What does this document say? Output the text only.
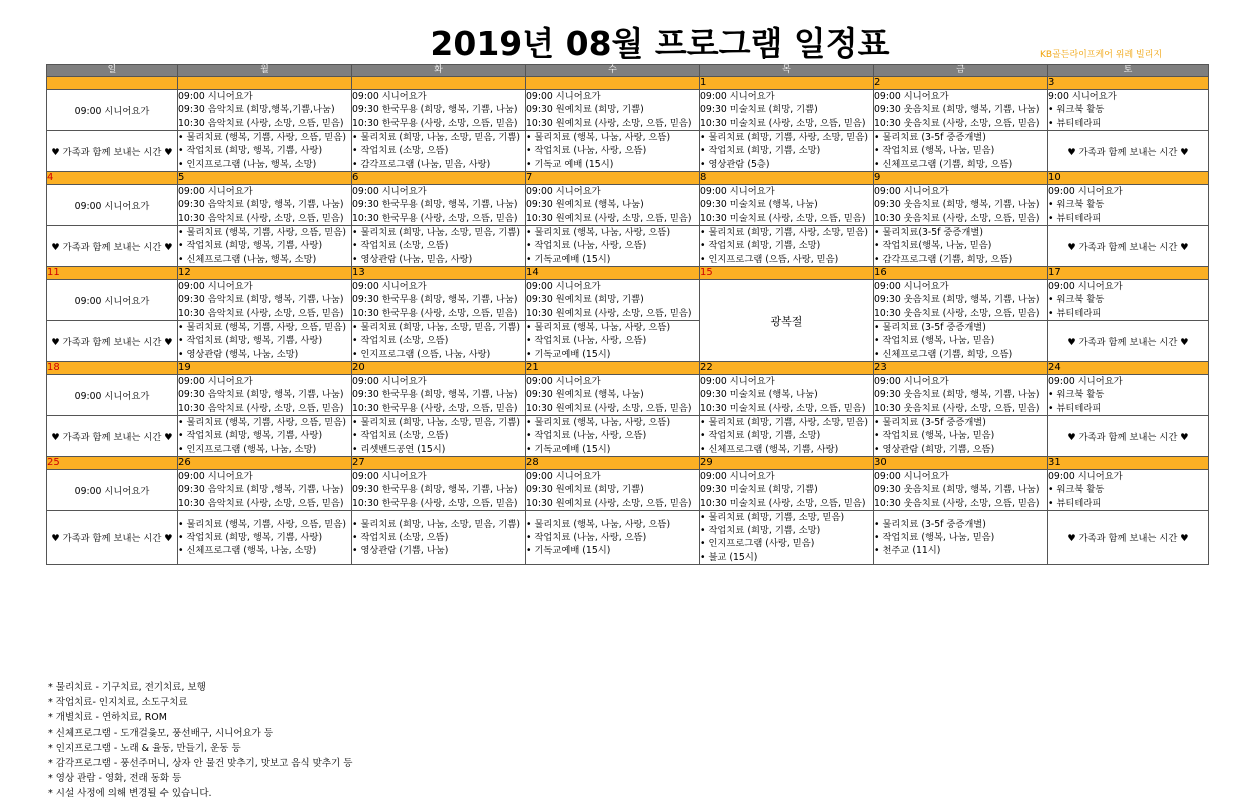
2019년 08월 프로그램 일정표	KB골든라이프케어 위례 빌리지
일	월	화	수	목	금	토
				1	2	3
09:00 시니어요가	09:00 시니어요가
09:30 음악치료 (희망,행복,기쁨,나눔)
10:30 음악치료 (사랑, 소망, 으뜸, 믿음)	09:00 시니어요가
09:30 한국무용 (희망, 행복, 기쁨, 나눔)
10:30 한국무용 (사랑, 소망, 으뜸, 믿음)	09:00 시니어요가
09:30 원예치료 (희망, 기쁨)
10:30 원예치료 (사랑, 소망, 으뜸, 믿음)	09:00 시니어요가
09:30 미술치료 (희망, 기쁨)
10:30 미술치료 (사랑, 소망, 으뜸, 믿음)	09:00 시니어요가
09:30 웃음치료 (희망, 행복, 기쁨, 나눔)
10:30 웃음치료 (사랑, 소망, 으뜸, 믿음)	9:00 시니어요가
• 워크북 활동
• 뷰티테라피

♥ 가족과 함께 보내는 시간 ♥	• 물리치료 (행복, 기쁨, 사랑, 으뜸, 믿음)
• 작업치료 (희망, 행복, 기쁨, 사랑)
• 인지프로그램 (나눔, 행복, 소망)	• 물리치료 (희망, 나눔, 소망, 믿음, 기쁨)
• 작업치료 (소망, 으뜸)
• 감각프로그램 (나눔, 믿음, 사랑)	• 물리치료 (행복, 나눔, 사랑, 으뜸)
• 작업치료 (나눔, 사랑, 으뜸)
• 기독교 예배 (15시)	• 물리치료 (희망, 기쁨, 사랑, 소망, 믿음)
• 작업치료 (희망, 기쁨, 소망)
• 영상관람 (5층)	• 물리치료 (3-5f 중증개별)
• 작업치료 (행복, 나눔, 믿음)
• 신체프로그램 (기쁨, 희망, 으뜸)	♥ 가족과 함께 보내는 시간 ♥
4	5	6	7	8	9	10
09:00 시니어요가	09:00 시니어요가
09:30 음악치료 (희망, 행복, 기쁨, 나눔)
10:30 음악치료 (사랑, 소망, 으뜸, 믿음)	09:00 시니어요가
09:30 한국무용 (희망, 행복, 기쁨, 나눔)
10:30 한국무용 (사랑, 소망, 으뜸, 믿음)	09:00 시니어요가
09:30 원예치료 (행복, 나눔)
10:30 원예치료 (사랑, 소망, 으뜸, 믿음)	09:00 시니어요가
09:30 미술치료 (행복, 나눔)
10:30 미술치료 (사랑, 소망, 으뜸, 믿음)	09:00 시니어요가
09:30 웃음치료 (희망, 행복, 기쁨, 나눔)
10:30 웃음치료 (사랑, 소망, 으뜸, 믿음)	09:00 시니어요가
• 워크북 활동
• 뷰티테라피

♥ 가족과 함께 보내는 시간 ♥	• 물리치료 (행복, 기쁨, 사랑, 으뜸, 믿음)
• 작업치료 (희망, 행복, 기쁨, 사랑)
• 신체프로그램 (나눔, 행복, 소망)	• 물리치료 (희망, 나눔, 소망, 믿음, 기쁨)
• 작업치료 (소망, 으뜸)
• 영상관람 (나눔, 믿음, 사랑)	• 물리치료 (행복, 나눔, 사랑, 으뜸)
• 작업치료 (나눔, 사랑, 으뜸)
• 기독교예배 (15시)	• 물리치료 (희망, 기쁨, 사랑, 소망, 믿음)
• 작업치료 (희망, 기쁨, 소망)
• 인지프로그램 (으뜸, 사랑, 믿음)	• 물리치료(3-5f 중증개별)
• 작업치료(행복, 나눔, 믿음)
• 감각프로그램 (기쁨, 희망, 으뜸)	♥ 가족과 함께 보내는 시간 ♥
11	12	13	14	15	16	17
09:00 시니어요가	09:00 시니어요가
09:30 음악치료 (희망, 행복, 기쁨, 나눔)
10:30 음악치료 (사랑, 소망, 으뜸, 믿음)	09:00 시니어요가
09:30 한국무용 (희망, 행복, 기쁨, 나눔)
10:30 한국무용 (사랑, 소망, 으뜸, 믿음)	09:00 시니어요가
09:30 원예치료 (희망, 기쁨)
10:30 원예치료 (사랑, 소망, 으뜸, 믿음)	광복절	09:00 시니어요가
09:30 웃음치료 (희망, 행복, 기쁨, 나눔)
10:30 웃음치료 (사랑, 소망, 으뜸, 믿음)	09:00 시니어요가
• 워크북 활동
• 뷰티테라피

♥ 가족과 함께 보내는 시간 ♥	• 물리치료 (행복, 기쁨, 사랑, 으뜸, 믿음)
• 작업치료 (희망, 행복, 기쁨, 사랑)
• 영상관람 (행복, 나눔, 소망)	• 물리치료 (희망, 나눔, 소망, 믿음, 기쁨)
• 작업치료 (소망, 으뜸)
• 인지프로그램 (으뜸, 나눔, 사랑)	• 물리치료 (행복, 나눔, 사랑, 으뜸)
• 작업치료 (나눔, 사랑, 으뜸)
• 기독교예배 (15시)		• 물리치료 (3-5f 중증개별)
• 작업치료 (행복, 나눔, 믿음)
• 신체프로그램 (기쁨, 희망, 으뜸)	♥ 가족과 함께 보내는 시간 ♥
18	19	20	21	22	23	24
09:00 시니어요가	09:00 시니어요가
09:30 음악치료 (희망, 행복, 기쁨, 나눔)
10:30 음악치료 (사랑, 소망, 으뜸, 믿음)	09:00 시니어요가
09:30 한국무용 (희망, 행복, 기쁨, 나눔)
10:30 한국무용 (사랑, 소망, 으뜸, 믿음)	09:00 시니어요가
09:30 원예치료 (행복, 나눔)
10:30 원예치료 (사랑, 소망, 으뜸, 믿음)	09:00 시니어요가
09:30 미술치료 (행복, 나눔)
10:30 미술치료 (사랑, 소망, 으뜸, 믿음)	09:00 시니어요가
09:30 웃음치료 (희망, 행복, 기쁨, 나눔)
10:30 웃음치료 (사랑, 소망, 으뜸, 믿음)	09:00 시니어요가
• 워크북 활동
• 뷰티테라피

♥ 가족과 함께 보내는 시간 ♥	• 물리치료 (행복, 기쁨, 사랑, 으뜸, 믿음)
• 작업치료 (희망, 행복, 기쁨, 사랑)
• 인지프로그램 (행복, 나눔, 소망)	• 물리치료 (희망, 나눔, 소망, 믿음, 기쁨)
• 작업치료 (소망, 으뜸)
• 리셋밴드공연 (15시)	• 물리치료 (행복, 나눔, 사랑, 으뜸)
• 작업치료 (나눔, 사랑, 으뜸)
• 기독교예배 (15시)	• 물리치료 (희망, 기쁨, 사랑, 소망, 믿음)
• 작업치료 (희망, 기쁨, 소망)
• 신체프로그램 (행복, 기쁨, 사랑)	• 물리치료 (3-5f 중증개별)
• 작업치료 (행복, 나눔, 믿음)
• 영상관람 (희망, 기쁨, 으뜸)	♥ 가족과 함께 보내는 시간 ♥
25	26	27	28	29	30	31
09:00 시니어요가	09:00 시니어요가
09:30 음악치료 (희망 ,행복, 기쁨, 나눔)
10:30 음악치료 (사랑, 소망, 으뜸, 믿음)	09:00 시니어요가
09:30 한국무용 (희망, 행복, 기쁨, 나눔)
10:30 한국무용 (사랑, 소망, 으뜸, 믿음)	09:00 시니어요가
09:30 원예치료 (희망, 기쁨)
10:30 원예치료 (사랑, 소망, 으뜸, 믿음)	09:00 시니어요가
09:30 미술치료 (희망, 기쁨)
10:30 미술치료 (사랑, 소망, 으뜸, 믿음)	09:00 시니어요가
09:30 웃음치료 (희망, 행복, 기쁨, 나눔)
10:30 웃음치료 (사랑, 소망, 으뜸, 믿음)	09:00 시니어요가
• 워크북 활동
• 뷰티테라피

♥ 가족과 함께 보내는 시간 ♥	• 물리치료 (행복, 기쁨, 사랑, 으뜸, 믿음)
• 작업치료 (희망, 행복, 기쁨, 사랑)
• 신체프로그램 (행복, 나눔, 소망)	• 물리치료 (희망, 나눔, 소망, 믿음, 기쁨)
• 작업치료 (소망, 으뜸)
• 영상관람 (기쁨, 나눔)	• 물리치료 (행복, 나눔, 사랑, 으뜸)
• 작업치료 (나눔, 사랑, 으뜸)
• 기독교예배 (15시)	• 물리치료 (희망, 기쁨, 소망, 믿음)
• 작업치료 (희망, 기쁨, 소망)
• 인지프로그램 (사랑, 믿음)
• 불교 (15시)	• 물리치료 (3-5f 중증개별)
• 작업치료 (행복, 나눔, 믿음)
• 천주교 (11시)	♥ 가족과 함께 보내는 시간 ♥
* 물리치료 - 기구치료, 전기치료, 보행
* 작업치료- 인지치료, 소도구치료
* 개별치료 - 연하치료, ROM
* 신체프로그램 - 도개걸윷모, 풍선배구, 시니어요가 등
* 인지프로그램 - 노래 & 율동, 만들기, 운동 등
* 감각프로그램 - 풍선주머니, 상자 안 물건 맞추기, 맛보고 음식 맞추기 등
* 영상 관람 - 영화, 전래 동화 등
* 시설 사정에 의해 변경될 수 있습니다.
